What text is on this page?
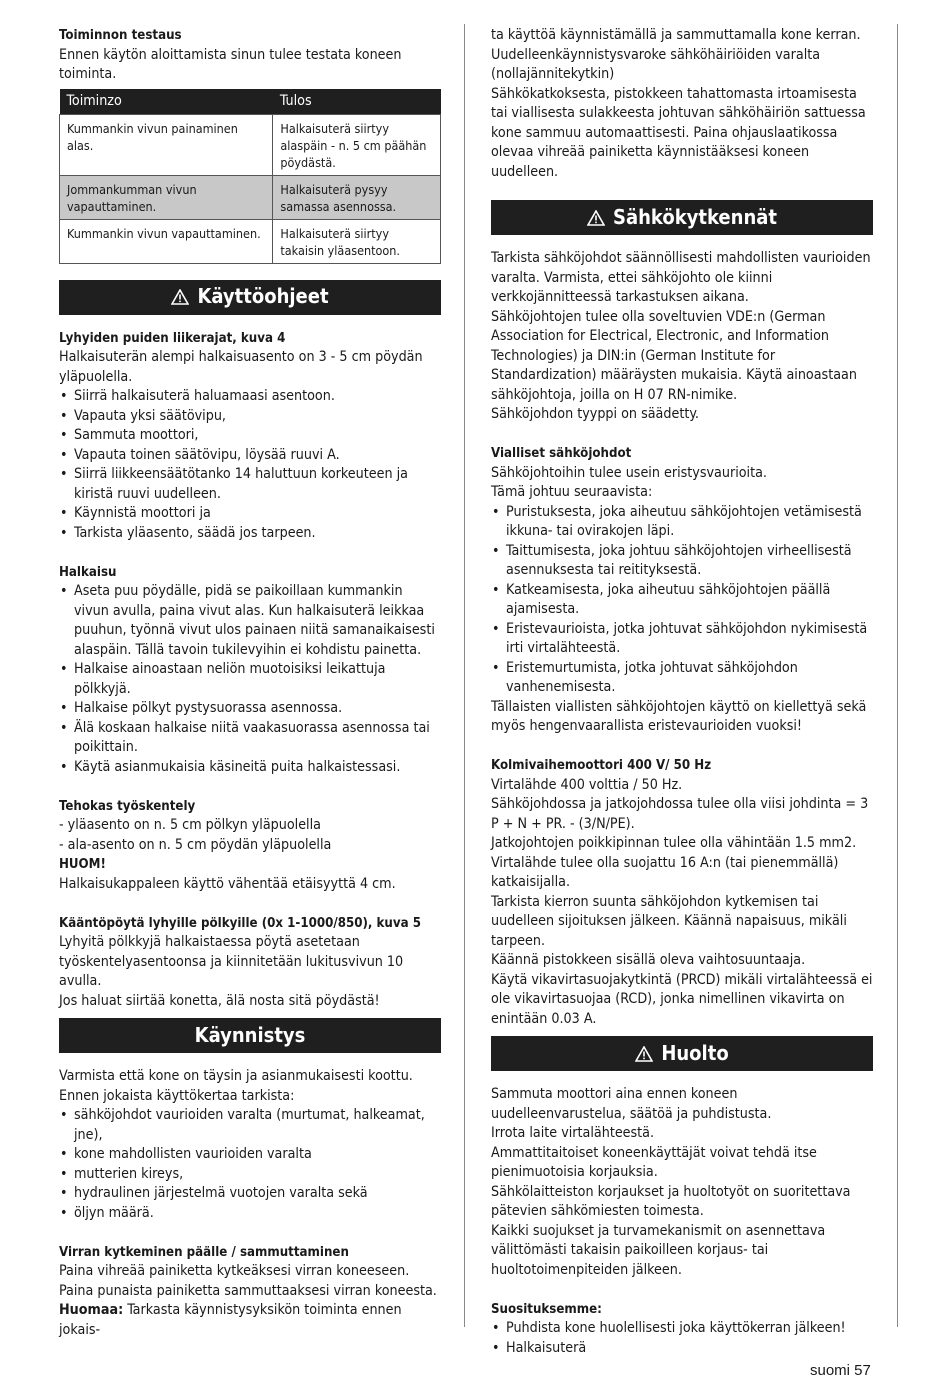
Toiminnon testaus

Ennen käytön aloittamista sinun tulee testata koneen toiminta.

Toiminzo	Tulos
Kummankin vivun painaminen alas.	Halkaisuterä siirtyy alaspäin - n. 5 cm päähän pöydästä.
Jommankumman vivun vapauttaminen.	Halkaisuterä pysyy samassa asennossa.
Kummankin vivun vapauttaminen.	Halkaisuterä siirtyy takaisin yläasentoon.
Käyttöohjeet

Lyhyiden puiden liikerajat, kuva 4

Halkaisuterän alempi halkaisuasento on 3 - 5 cm pöydän yläpuolella.

• Siirrä halkaisuterä haluamaasi asentoon.
• Vapauta yksi säätövipu,
• Sammuta moottori,
• Vapauta toinen säätövipu, löysää ruuvi A.
• Siirrä liikkeensäätötanko 14 haluttuun korkeuteen ja kiristä ruuvi uudelleen.
• Käynnistä moottori ja
• Tarkista yläasento, säädä jos tarpeen.

Halkaisu

• Aseta puu pöydälle, pidä se paikoillaan kummankin vivun avulla, paina vivut alas. Kun halkaisuterä leikkaa puuhun, työnnä vivut ulos painaen niitä samanaikaisesti alaspäin. Tällä tavoin tukilevyihin ei kohdistu painetta.
• Halkaise ainoastaan neliön muotoisiksi leikattuja pölkkyjä.
• Halkaise pölkyt pystysuorassa asennossa.
• Älä koskaan halkaise niitä vaakasuorassa asennossa tai poikittain.
• Käytä asianmukaisia käsineitä puita halkaistessasi.

Tehokas työskentely

- yläasento on n. 5 cm pölkyn yläpuolella

- ala-asento on n. 5 cm pöydän yläpuolella

HUOM!

Halkaisukappaleen käyttö vähentää etäisyyttä 4 cm.

Kääntöpöytä lyhyille pölkyille (0x 1-1000/850), kuva 5

Lyhyitä pölkkyjä halkaistaessa pöytä asetetaan työskentelyasentoonsa ja kiinnitetään lukitusvivun 10 avulla.

Jos haluat siirtää konetta, älä nosta sitä pöydästä!

Käynnistys

Varmista että kone on täysin ja asianmukaisesti koottu. Ennen jokaista käyttökertaa tarkista:

• sähköjohdot vaurioiden varalta (murtumat, halkeamat, jne),
• kone mahdollisten vaurioiden varalta
• mutterien kireys,
• hydraulinen järjestelmä vuotojen varalta sekä
• öljyn määrä.

Virran kytkeminen päälle / sammuttaminen

Paina vihreää painiketta kytkeäksesi virran koneeseen.

Paina punaista painiketta sammuttaaksesi virran koneesta.

Huomaa: Tarkasta käynnistysyksikön toiminta ennen jokais-

ta käyttöä käynnistämällä ja sammuttamalla kone kerran.

Uudelleenkäynnistysvaroke sähköhäiriöiden varalta (nollajännitekytkin)

Sähkökatkoksesta, pistokkeen tahattomasta irtoamisesta tai viallisesta sulakkeesta johtuvan sähköhäiriön sattuessa kone sammuu automaattisesti. Paina ohjauslaatikossa olevaa vihreää painiketta käynnistääksesi koneen uudelleen.

Sähkökytkennät

Tarkista sähköjohdot säännöllisesti mahdollisten vaurioiden varalta. Varmista, ettei sähköjohto ole kiinni verkkojännitteessä tarkastuksen aikana.

Sähköjohtojen tulee olla soveltuvien VDE:n (German Association for Electrical, Electronic, and Information Technologies) ja DIN:in (German Institute for Standardization) määräysten mukaisia. Käytä ainoastaan sähköjohtoja, joilla on H 07 RN-nimike.

Sähköjohdon tyyppi on säädetty.

Vialliset sähköjohdot

Sähköjohtoihin tulee usein eristysvaurioita.

Tämä johtuu seuraavista:

• Puristuksesta, joka aiheutuu sähköjohtojen vetämisestä ikkuna- tai ovirakojen läpi.
• Taittumisesta, joka johtuu sähköjohtojen virheellisestä asennuksesta tai reitityksestä.
• Katkeamisesta, joka aiheutuu sähköjohtojen päällä ajamisesta.
• Eristevaurioista, jotka johtuvat sähköjohdon nykimisestä irti virtalähteestä.
• Eristemurtumista, jotka johtuvat sähköjohdon vanhenemisesta.

Tällaisten viallisten sähköjohtojen käyttö on kiellettyä sekä myös hengenvaarallista eristevaurioiden vuoksi!

Kolmivaihemoottori 400 V/ 50 Hz

Virtalähde 400 volttia / 50 Hz.

Sähköjohdossa ja jatkojohdossa tulee olla viisi johdinta = 3 P + N + PR. - (3/N/PE).

Jatkojohtojen poikkipinnan tulee olla vähintään 1.5 mm2.

Virtalähde tulee olla suojattu 16 A:n (tai pienemmällä) katkaisijalla.

Tarkista kierron suunta sähköjohdon kytkemisen tai uudelleen sijoituksen jälkeen. Käännä napaisuus, mikäli tarpeen.

Käännä pistokkeen sisällä oleva vaihtosuuntaaja.

Käytä vikavirtasuojakytkintä (PRCD) mikäli virtalähteessä ei ole vikavirtasuojaa (RCD), jonka nimellinen vikavirta on enintään 0.03 A.

Huolto

Sammuta moottori aina ennen koneen uudelleenvarustelua, säätöä ja puhdistusta.

Irrota laite virtalähteestä.

Ammattitaitoiset koneenkäyttäjät voivat tehdä itse pienimuotoisia korjauksia.

Sähkölaitteiston korjaukset ja huoltotyöt on suoritettava pätevien sähkömiesten toimesta.

Kaikki suojukset ja turvamekanismit on asennettava välittömästi takaisin paikoilleen korjaus- tai huoltotoimenpiteiden jälkeen.

Suosituksemme:

• Puhdista kone huolellisesti joka käyttökerran jälkeen!
• Halkaisuterä
suomi 57
